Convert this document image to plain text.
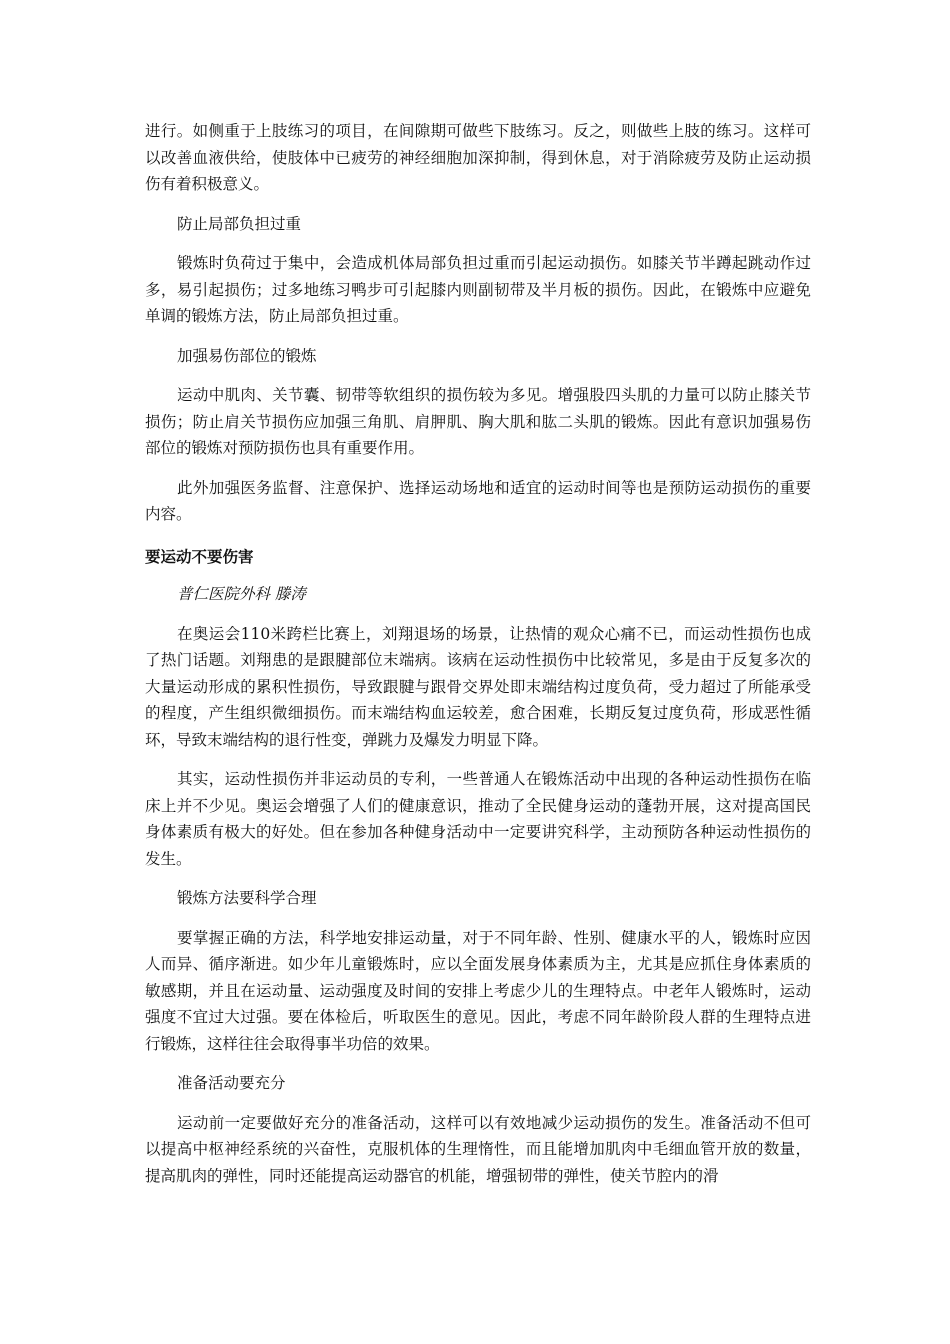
进行。如侧重于上肢练习的项目，在间隙期可做些下肢练习。反之，则做些上肢的练习。这样可以改善血液供给，使肢体中已疲劳的神经细胞加深抑制，得到休息，对于消除疲劳及防止运动损伤有着积极意义。

防止局部负担过重

锻炼时负荷过于集中，会造成机体局部负担过重而引起运动损伤。如膝关节半蹲起跳动作过多，易引起损伤；过多地练习鸭步可引起膝内则副韧带及半月板的损伤。因此，在锻炼中应避免单调的锻炼方法，防止局部负担过重。

加强易伤部位的锻炼

运动中肌肉、关节囊、韧带等软组织的损伤较为多见。增强股四头肌的力量可以防止膝关节损伤；防止肩关节损伤应加强三角肌、肩胛肌、胸大肌和肱二头肌的锻炼。因此有意识加强易伤部位的锻炼对预防损伤也具有重要作用。

此外加强医务监督、注意保护、选择运动场地和适宜的运动时间等也是预防运动损伤的重要内容。

要运动不要伤害

普仁医院外科 滕涛

在奥运会110米跨栏比赛上，刘翔退场的场景，让热情的观众心痛不已，而运动性损伤也成了热门话题。刘翔患的是跟腱部位末端病。该病在运动性损伤中比较常见，多是由于反复多次的大量运动形成的累积性损伤，导致跟腱与跟骨交界处即末端结构过度负荷，受力超过了所能承受的程度，产生组织微细损伤。而末端结构血运较差，愈合困难，长期反复过度负荷，形成恶性循环，导致末端结构的退行性变，弹跳力及爆发力明显下降。

其实，运动性损伤并非运动员的专利，一些普通人在锻炼活动中出现的各种运动性损伤在临床上并不少见。奥运会增强了人们的健康意识，推动了全民健身运动的蓬勃开展，这对提高国民身体素质有极大的好处。但在参加各种健身活动中一定要讲究科学，主动预防各种运动性损伤的发生。

锻炼方法要科学合理

要掌握正确的方法，科学地安排运动量，对于不同年龄、性别、健康水平的人，锻炼时应因人而异、循序渐进。如少年儿童锻炼时，应以全面发展身体素质为主，尤其是应抓住身体素质的敏感期，并且在运动量、运动强度及时间的安排上考虑少儿的生理特点。中老年人锻炼时，运动强度不宜过大过强。要在体检后，听取医生的意见。因此，考虑不同年龄阶段人群的生理特点进行锻炼，这样往往会取得事半功倍的效果。

准备活动要充分

运动前一定要做好充分的准备活动，这样可以有效地减少运动损伤的发生。准备活动不但可以提高中枢神经系统的兴奋性，克服机体的生理惰性，而且能增加肌肉中毛细血管开放的数量，提高肌肉的弹性，同时还能提高运动器官的机能，增强韧带的弹性，使关节腔内的滑
